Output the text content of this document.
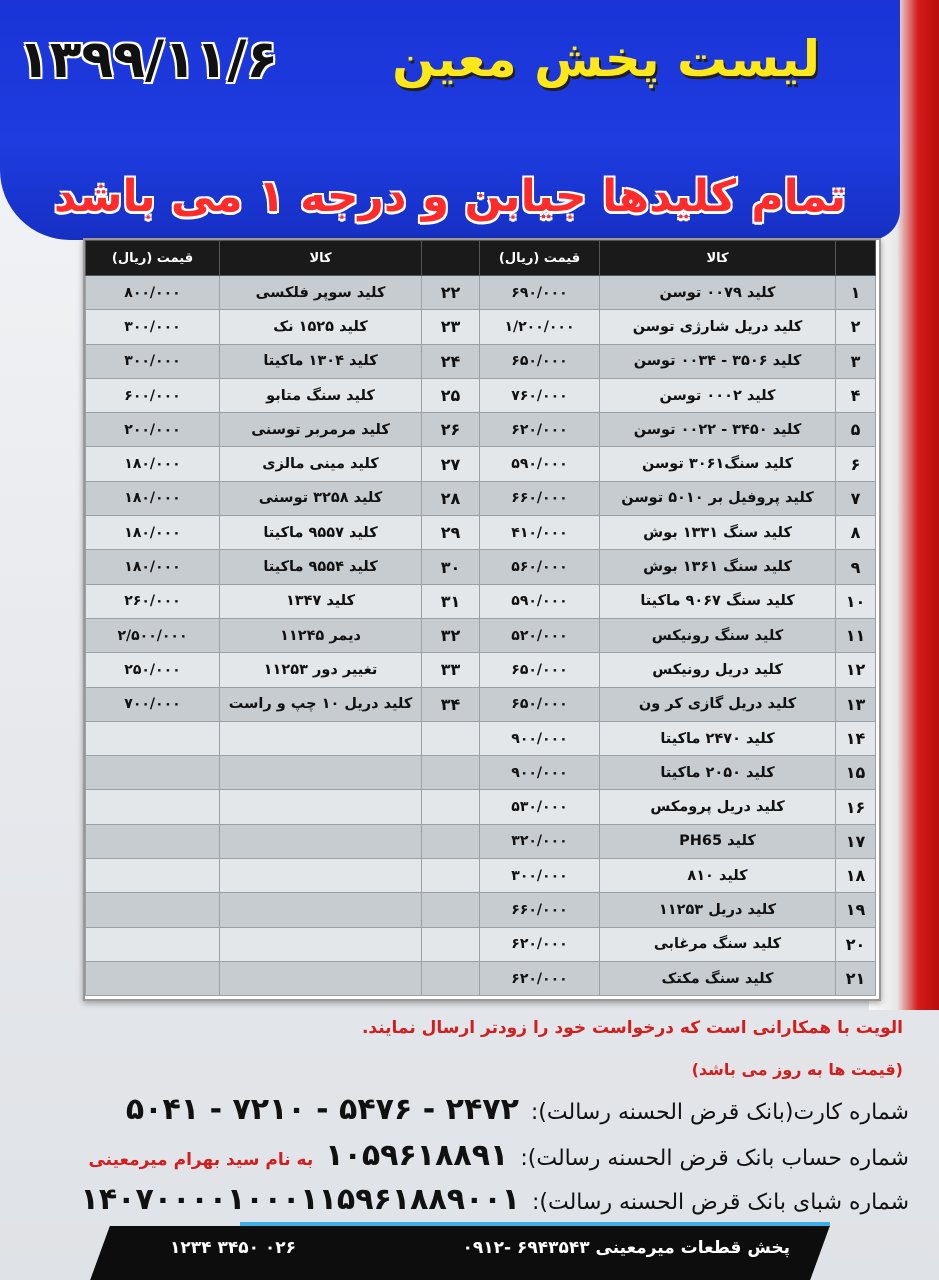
لیست پخش معین
۱۳۹۹/۱۱/۶
تمام کلیدها جیابن و درجه ۱ می باشد
	کالا	قیمت (ریال)		کالا	قیمت (ریال)
۱	کلید ۰۰۷۹ توسن	۶۹۰/۰۰۰	۲۲	کلید سوپر فلکسی	۸۰۰/۰۰۰
۲	کلید دریل شارژی توسن	۱/۲۰۰/۰۰۰	۲۳	کلید ۱۵۲۵ نک	۳۰۰/۰۰۰
۳	کلید ۳۵۰۶ - ۰۰۳۴ توسن	۶۵۰/۰۰۰	۲۴	کلید ۱۳۰۴ ماکیتا	۳۰۰/۰۰۰
۴	کلید ۰۰۰۲ توسن	۷۶۰/۰۰۰	۲۵	کلید سنگ متابو	۶۰۰/۰۰۰
۵	کلید ۳۴۵۰ - ۰۰۲۲ توسن	۶۲۰/۰۰۰	۲۶	کلید مرمربر توسنی	۲۰۰/۰۰۰
۶	کلید سنگ۳۰۶۱ توسن	۵۹۰/۰۰۰	۲۷	کلید مینی مالزی	۱۸۰/۰۰۰
۷	کلید پروفیل بر ۵۰۱۰ توسن	۶۶۰/۰۰۰	۲۸	کلید ۳۲۵۸ توسنی	۱۸۰/۰۰۰
۸	کلید سنگ ۱۳۳۱ بوش	۴۱۰/۰۰۰	۲۹	کلید ۹۵۵۷ ماکیتا	۱۸۰/۰۰۰
۹	کلید سنگ ۱۳۶۱ بوش	۵۶۰/۰۰۰	۳۰	کلید ۹۵۵۴ ماکیتا	۱۸۰/۰۰۰
۱۰	کلید سنگ ۹۰۶۷ ماکیتا	۵۹۰/۰۰۰	۳۱	کلید ۱۳۴۷	۲۶۰/۰۰۰
۱۱	کلید سنگ رونیکس	۵۲۰/۰۰۰	۳۲	دیمر ۱۱۲۴۵	۲/۵۰۰/۰۰۰
۱۲	کلید دریل رونیکس	۶۵۰/۰۰۰	۳۳	تغییر دور ۱۱۲۵۳	۲۵۰/۰۰۰
۱۳	کلید دریل گازی کر ون	۶۵۰/۰۰۰	۳۴	کلید دریل ۱۰ چپ و راست	۷۰۰/۰۰۰
۱۴	کلید ۲۴۷۰ ماکیتا	۹۰۰/۰۰۰			
۱۵	کلید ۲۰۵۰ ماکیتا	۹۰۰/۰۰۰			
۱۶	کلید دریل پرومکس	۵۳۰/۰۰۰			
۱۷	کلید PH65	۳۲۰/۰۰۰			
۱۸	کلید ۸۱۰	۳۰۰/۰۰۰			
۱۹	کلید دریل ۱۱۲۵۳	۶۶۰/۰۰۰			
۲۰	کلید سنگ مرغابی	۶۲۰/۰۰۰			
۲۱	کلید سنگ مکتک	۶۲۰/۰۰۰			
الویت با همکارانی است که درخواست خود را زودتر ارسال نمایند.
(قیمت ها به روز می باشد)
شماره کارت(بانک قرض الحسنه رسالت):
۵۰۴۱ - ۷۲۱۰ - ۵۴۷۶ - ۲۴۷۲
شماره حساب بانک قرض الحسنه رسالت):
۱۰۵۹۶۱۸۸۹۱
به نام سید بهرام میرمعینی
شماره شبای بانک قرض الحسنه رسالت):
۱۴۰۷۰۰۰۰۱۰۰۰۱۱۵۹۶۱۸۸۹۰۰۱
پخش قطعات میرمعینی ۶۹۴۳۵۴۳ -۰۹۱۲
۰۲۶ ۳۴۵۰ ۱۲۳۴
